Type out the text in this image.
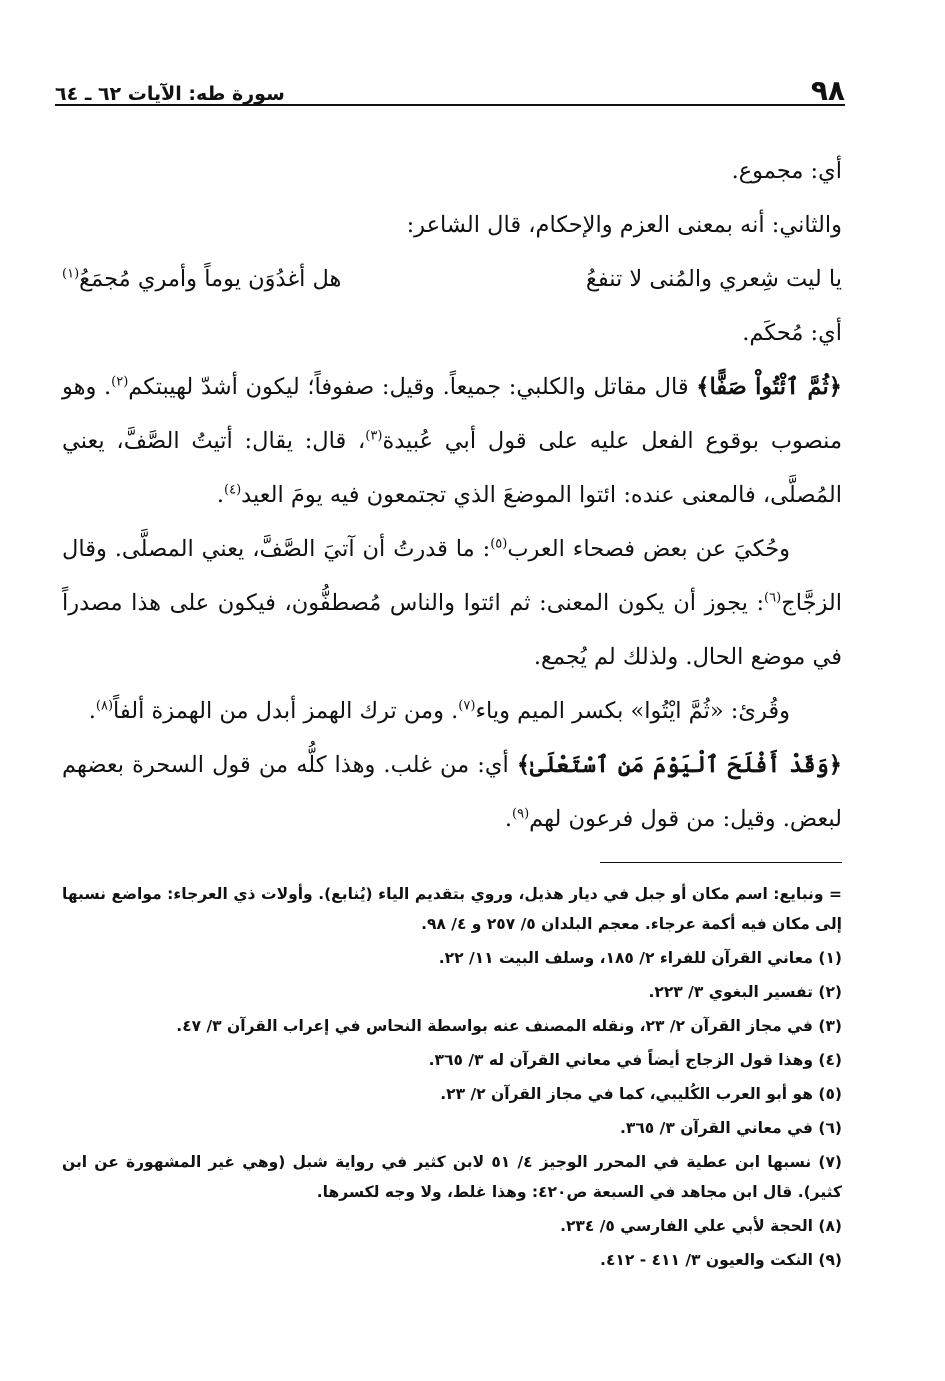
٩٨
سورة طه: الآيات ٦٢ ـ ٦٤

أي: مجموع.

والثاني: أنه بمعنى العزم والإحكام، قال الشاعر:

يا ليت شِعري والمُنى لا تنفعُ
هل أغدُوَن يوماً وأمري مُجمَعُ$^{(١)}$

أي: مُحكَم.

﴿ثُمَّ ٱئْتُواْ صَفًّا﴾ قال مقاتل والكلبي: جميعاً. وقيل: صفوفاً؛ ليكون أشدّ لهيبتكم$^{(٢)}$. وهو منصوب بوقوع الفعل عليه على قول أبي عُبيدة$^{(٣)}$، قال: يقال: أتيتُ الصَّفَّ، يعني المُصلَّى، فالمعنى عنده: ائتوا الموضعَ الذي تجتمعون فيه يومَ العيد$^{(٤)}$.

وحُكيَ عن بعض فصحاء العرب$^{(٥)}$: ما قدرتُ أن آتيَ الصَّفَّ، يعني المصلَّى. وقال الزجَّاج$^{(٦)}$: يجوز أن يكون المعنى: ثم ائتوا والناس مُصطفُّون، فيكون على هذا مصدراً في موضع الحال. ولذلك لم يُجمع.

وقُرئ: «ثُمَّ ايْتُوا» بكسر الميم وياء$^{(٧)}$. ومن ترك الهمز أبدل من الهمزة ألفاً$^{(٨)}$.

﴿وَقَدْ أَفْلَحَ ٱلْيَوْمَ مَنِ ٱسْتَعْلَىٰ﴾ أي: من غلب. وهذا كلُّه من قول السحرة بعضهم لبعض. وقيل: من قول فرعون لهم$^{(٩)}$.

= ونبايع: اسم مكان أو جبل في ديار هذيل، وروي بتقديم الياء (يُنابع). وأولات ذي العرجاء: مواضع نسبها إلى مكان فيه أكمة عرجاء. معجم البلدان ٥/ ٢٥٧ و ٤/ ٩٨.

(١) معاني القرآن للفراء ٢/ ١٨٥، وسلف البيت ١١/ ٢٢.

(٢) تفسير البغوي ٣/ ٢٢٣.

(٣) في مجاز القرآن ٢/ ٢٣، ونقله المصنف عنه بواسطة النحاس في إعراب القرآن ٣/ ٤٧.

(٤) وهذا قول الزجاج أيضاً في معاني القرآن له ٣/ ٣٦٥.

(٥) هو أبو العرب الكُليبي، كما في مجاز القرآن ٢/ ٢٣.

(٦) في معاني القرآن ٣/ ٣٦٥.

(٧) نسبها ابن عطية في المحرر الوجيز ٤/ ٥١ لابن كثير في رواية شبل (وهي غير المشهورة عن ابن كثير). قال ابن مجاهد في السبعة ص٤٢٠: وهذا غلط، ولا وجه لكسرها.

(٨) الحجة لأبي علي الفارسي ٥/ ٢٣٤.

(٩) النكت والعيون ٣/ ٤١١ - ٤١٢.
